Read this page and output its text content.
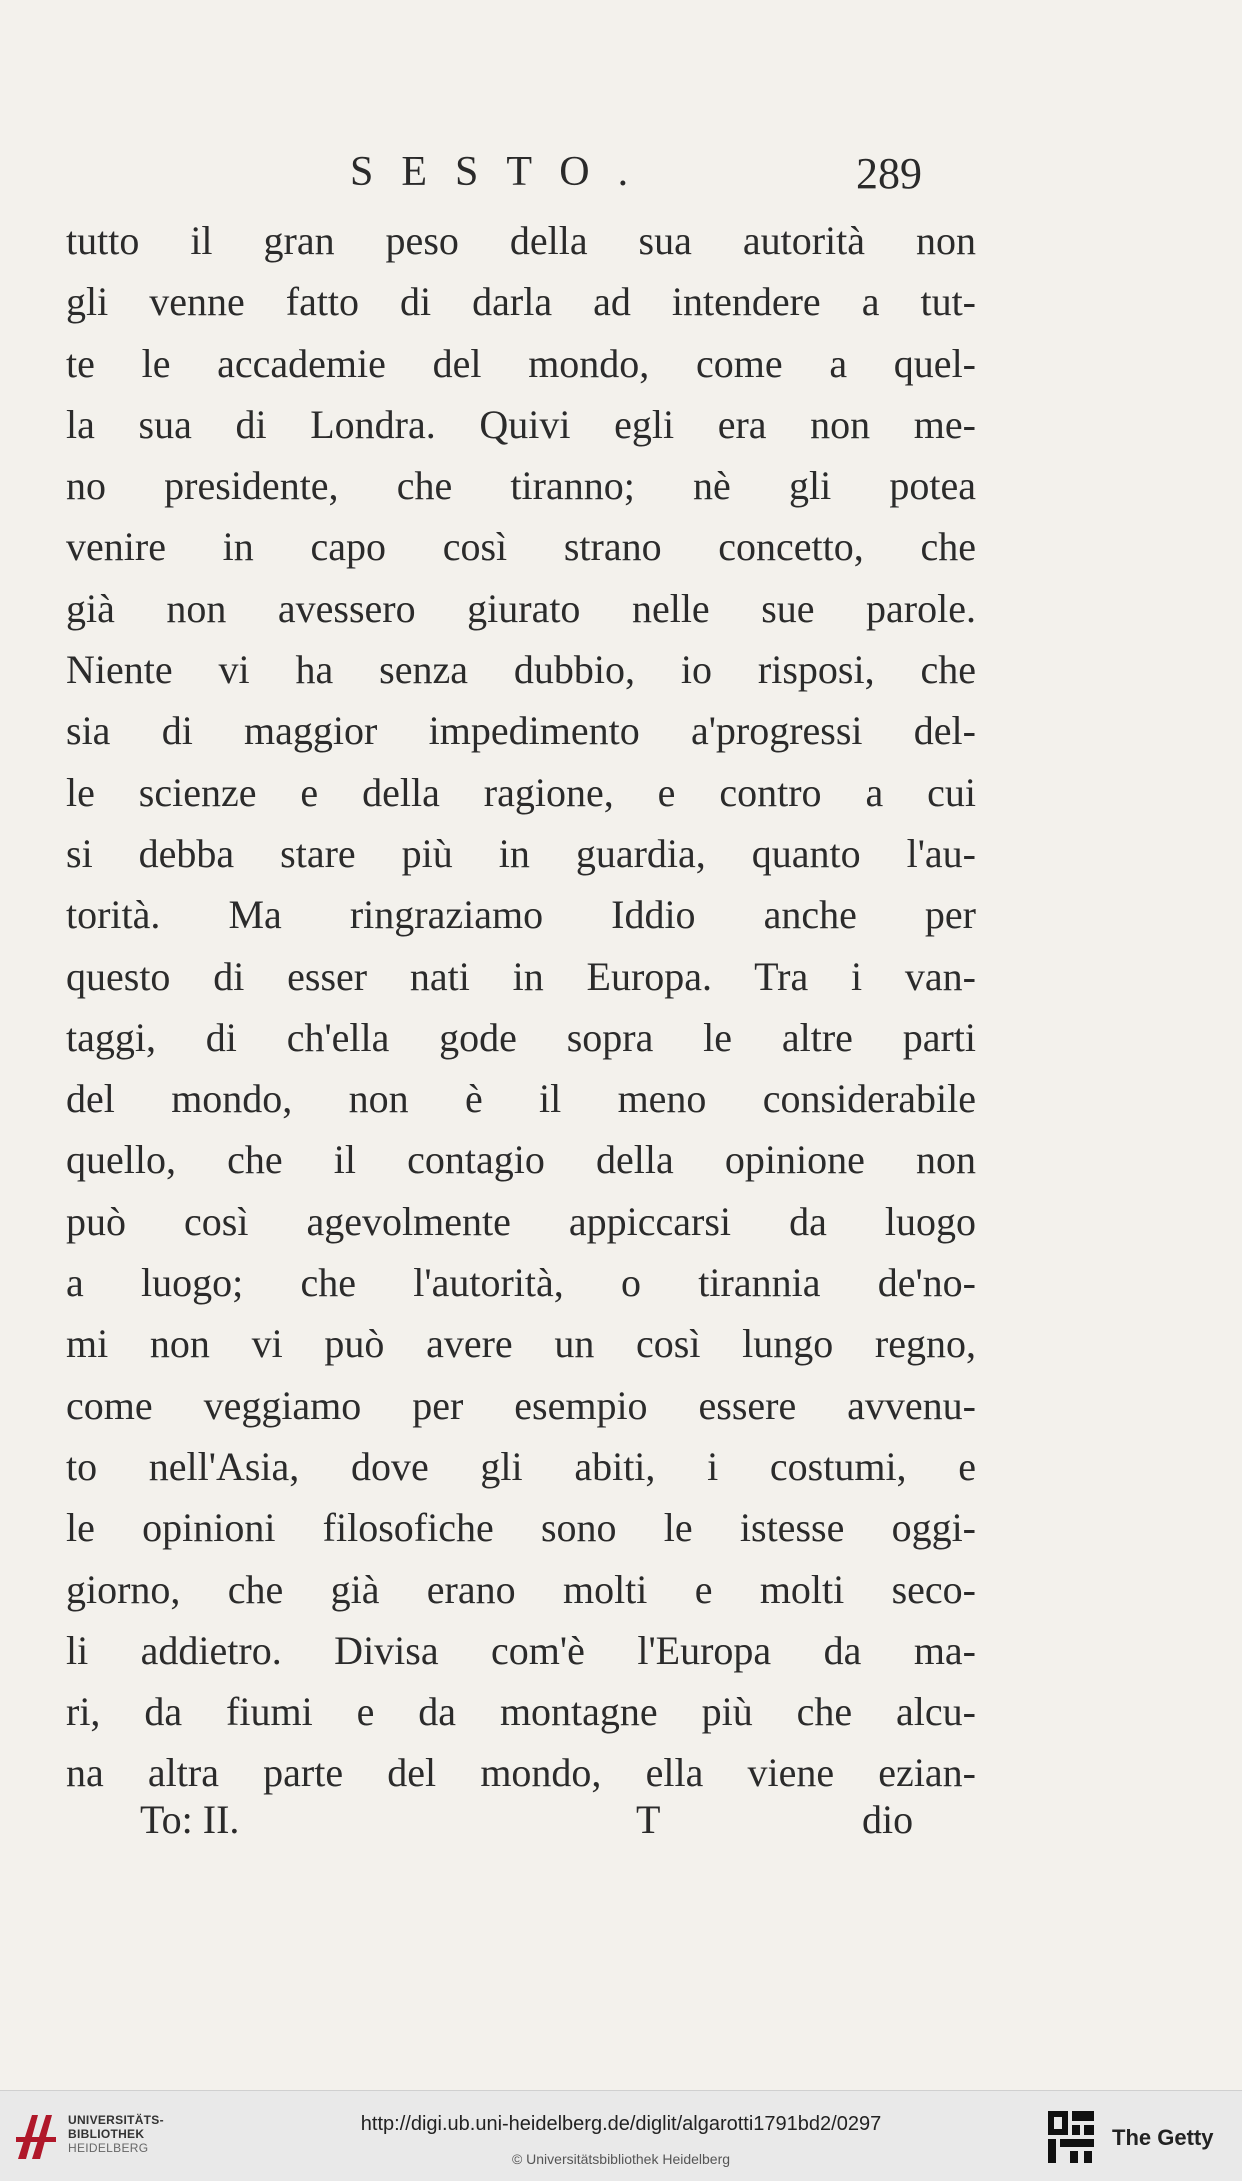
SESTO.	289
tutto il gran peso della sua autorità non
gli venne fatto di darla ad intendere a tut-
te le accademie del mondo, come a quel-
la sua di Londra. Quivi egli era non me-
no presidente, che tiranno; nè gli potea
venire in capo così strano concetto, che
già non avessero giurato nelle sue parole.
Niente vi ha senza dubbio, io risposi, che
sia di maggior impedimento a'progressi del-
le scienze e della ragione, e contro a cui
si debba stare più in guardia, quanto l'au-
torità. Ma ringraziamo Iddio anche per
questo di esser nati in Europa. Tra i van-
taggi, di ch'ella gode sopra le altre parti
del mondo, non è il meno considerabile
quello, che il contagio della opinione non
può così agevolmente appiccarsi da luogo
a luogo; che l'autorità, o tirannia de'no-
mi non vi può avere un così lungo regno,
come veggiamo per esempio essere avvenu-
to nell'Asia, dove gli abiti, i costumi, e
le opinioni filosofiche sono le istesse oggi-
giorno, che già erano molti e molti seco-
li addietro. Divisa com'è l'Europa da ma-
ri, da fiumi e da montagne più che alcu-
na altra parte del mondo, ella viene ezian-
To: II.	T	dio
UNIVERSITÄTS-
BIBLIOTHEK
HEIDELBERG
http://digi.ub.uni-heidelberg.de/diglit/algarotti1791bd2/0297
© Universitätsbibliothek Heidelberg
The Getty
